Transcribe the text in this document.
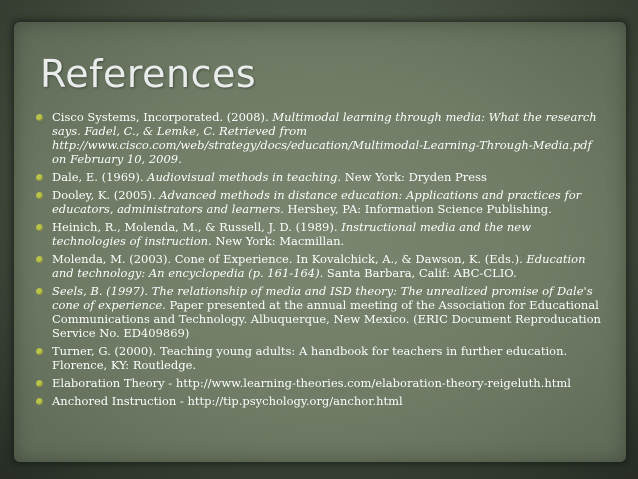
References
Cisco Systems, Incorporated. (2008). Multimodal learning through media: What the research says. Fadel, C., & Lemke, C. Retrieved from http://www.cisco.com/web/strategy/docs/education/Multimodal-Learning-Through-Media.pdf on February 10, 2009.
Dale, E. (1969). Audiovisual methods in teaching. New York: Dryden Press
Dooley, K. (2005). Advanced methods in distance education: Applications and practices for educators, administrators and learners. Hershey, PA: Information Science Publishing.
Heinich, R., Molenda, M., & Russell, J. D. (1989). Instructional media and the new technologies of instruction. New York: Macmillan.
Molenda, M. (2003). Cone of Experience. In Kovalchick, A., & Dawson, K. (Eds.). Education and technology: An encyclopedia (p. 161-164). Santa Barbara, Calif: ABC-CLIO.
Seels, B. (1997). The relationship of media and ISD theory: The unrealized promise of Dale's cone of experience. Paper presented at the annual meeting of the Association for Educational Communications and Technology. Albuquerque, New Mexico. (ERIC Document Reproducation Service No. ED409869)
Turner, G. (2000). Teaching young adults: A handbook for teachers in further education. Florence, KY: Routledge.
Elaboration Theory - http://www.learning-theories.com/elaboration-theory-reigeluth.html
Anchored Instruction - http://tip.psychology.org/anchor.html
